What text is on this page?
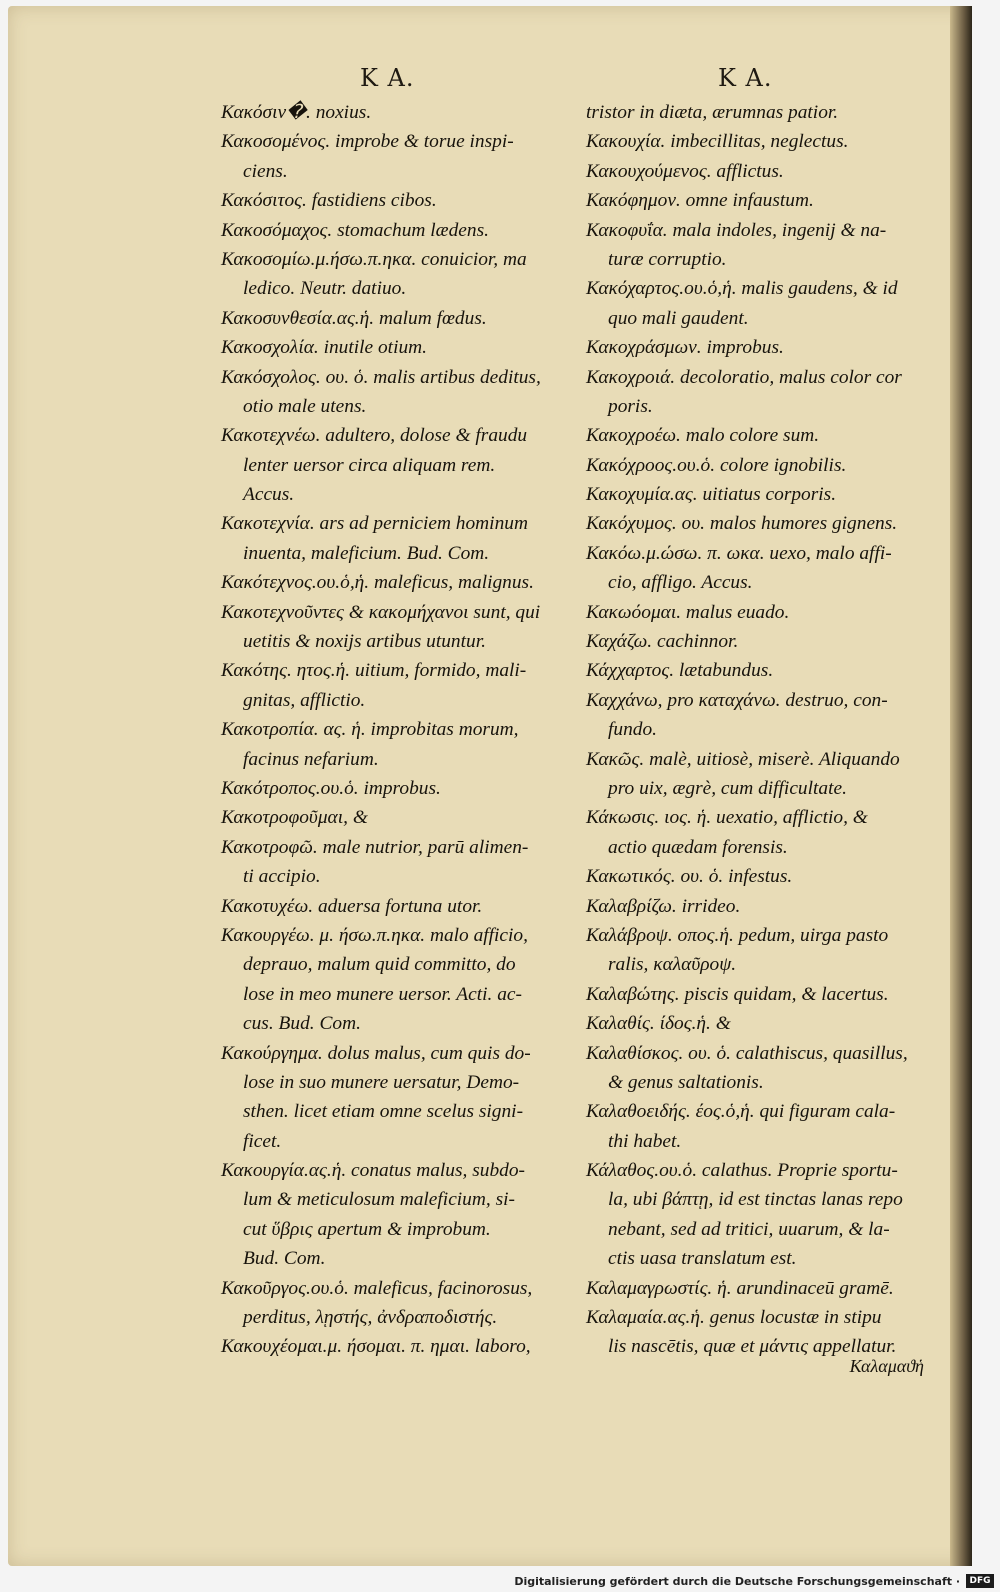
K A.	K A.
Κακόσιν�. noxius.
Κακοσομένος. improbe & torue inspi-
ciens.
Κακόσιτος. fastidiens cibos.
Κακοσόμαχος. stomachum lædens.
Κακοσομίω.μ.ήσω.π.ηκα. conuicior, ma
ledico. Neutr. datiuo.
Κακοσυνθεσία.ας.ἡ. malum fœdus.
Κακοσχολία. inutile otium.
Κακόσχολος. ου. ὁ. malis artibus deditus,
otio male utens.
Κακοτεχνέω. adultero, dolose & fraudu
lenter uersor circa aliquam rem.
Accus.
Κακοτεχνία. ars ad perniciem hominum
inuenta, maleficium. Bud. Com.
Κακότεχνος.ου.ὁ,ἡ. maleficus, malignus.
Κακοτεχνοῦντες & κακομήχανοι sunt, qui
uetitis & noxijs artibus utuntur.
Κακότης. ητος.ἡ. uitium, formido, mali-
gnitas, afflictio.
Κακοτροπία. ας. ἡ. improbitas morum,
facinus nefarium.
Κακότροπος.ου.ὁ. improbus.
Κακοτροφοῦμαι, &
Κακοτροφῶ. male nutrior, parū alimen-
ti accipio.
Κακοτυχέω. aduersa fortuna utor.
Κακουργέω. μ. ήσω.π.ηκα. malo afficio,
deprauo, malum quid committo, do
lose in meo munere uersor. Acti. ac-
cus. Bud. Com.
Κακούργημα. dolus malus, cum quis do-
lose in suo munere uersatur, Demo-
sthen. licet etiam omne scelus signi-
ficet.
Κακουργία.ας.ἡ. conatus malus, subdo-
lum & meticulosum maleficium, si-
cut ὕβρις apertum & improbum.
Bud. Com.
Κακοῦργος.ου.ὁ. maleficus, facinorosus,
perditus, λῃστής, ἀνδραποδιστής.
Κακουχέομαι.μ. ήσομαι. π. ημαι. laboro,
tristor in diæta, ærumnas patior.
Κακουχία. imbecillitas, neglectus.
Κακουχούμενος. afflictus.
Κακόφημον. omne infaustum.
Κακοφυΐα. mala indoles, ingenij & na-
turæ corruptio.
Κακόχαρτος.ου.ὁ,ἡ. malis gaudens, & id
quo mali gaudent.
Κακοχράσμων. improbus.
Κακοχροιά. decoloratio, malus color cor
poris.
Κακοχροέω. malo colore sum.
Κακόχροος.ου.ὁ. colore ignobilis.
Κακοχυμία.ας. uitiatus corporis.
Κακόχυμος. ου. malos humores gignens.
Κακόω.μ.ώσω. π. ωκα. uexo, malo affi-
cio, affligo. Accus.
Κακωόομαι. malus euado.
Καχάζω. cachinnor.
Κάχχαρτος. lætabundus.
Καχχάνω, pro καταχάνω. destruo, con-
fundo.
Κακῶς. malè, uitiosè, miserè. Aliquando
pro uix, ægrè, cum difficultate.
Κάκωσις. ιος. ἡ. uexatio, afflictio, &
actio quædam forensis.
Κακωτικός. ου. ὁ. infestus.
Καλαβρίζω. irrideo.
Καλάβροψ. οπος.ἡ. pedum, uirga pasto
ralis, καλαῦροψ.
Καλαβώτης. piscis quidam, & lacertus.
Καλαθίς. ίδος.ἡ. &
Καλαθίσκος. ου. ὁ. calathiscus, quasillus,
& genus saltationis.
Καλαθοειδής. έος.ὁ,ἡ. qui figuram cala-
thi habet.
Κάλαθος.ου.ὁ. calathus. Proprie sportu-
la, ubi βάπτῃ, id est tinctas lanas repo
nebant, sed ad tritici, uuarum, & la-
ctis uasa translatum est.
Καλαμαγρωστίς. ἡ. arundinaceū gramē.
Καλαμαία.ας.ἡ. genus locustæ in stipu
lis nascētis, quæ et μάντις appellatur.
Καλαμαϑἡ
Digitalisierung gefördert durch die Deutsche Forschungsgemeinschaft ·	DFG
